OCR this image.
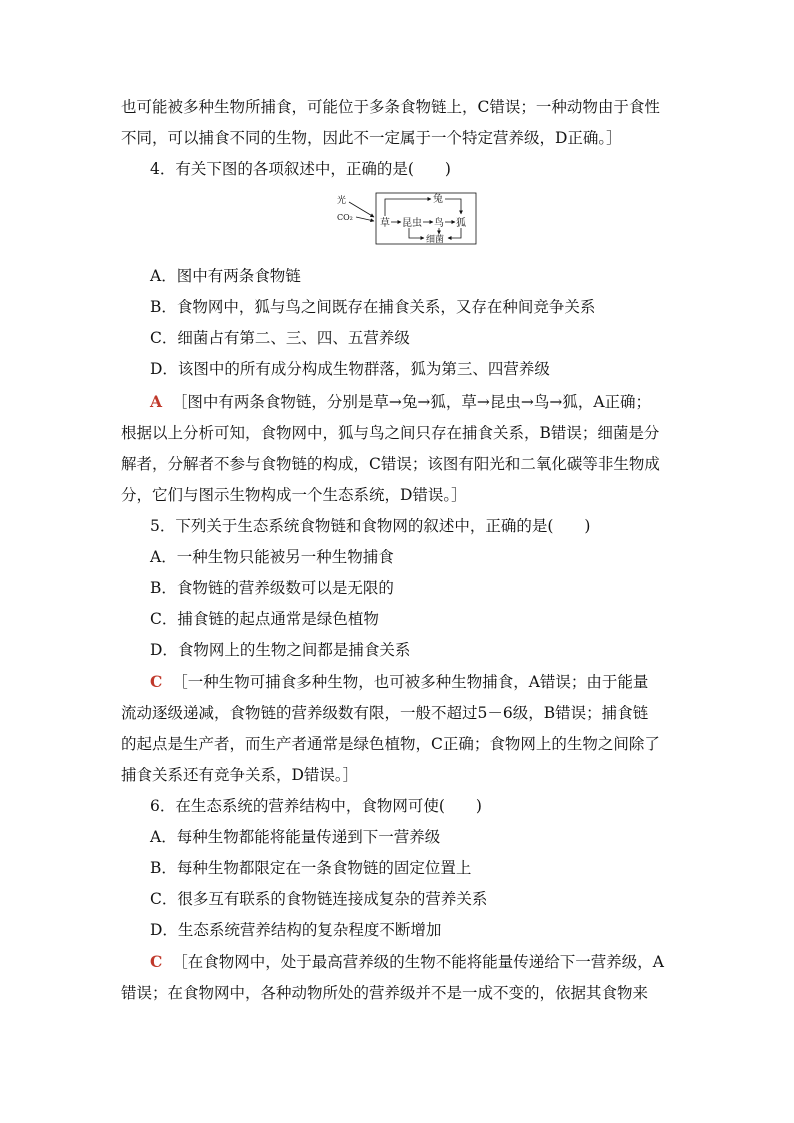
也可能被多种生物所捕食，可能位于多条食物链上，C错误；一种动物由于食性
不同，可以捕食不同的生物，因此不一定属于一个特定营养级，D正确。］
4．有关下图的各项叙述中，正确的是(　　)
光
CO₂
草 昆虫 鸟 狐
兔
细菌
A．图中有两条食物链
B．食物网中，狐与鸟之间既存在捕食关系，又存在种间竞争关系
C．细菌占有第二、三、四、五营养级
D．该图中的所有成分构成生物群落，狐为第三、四营养级
A ［图中有两条食物链，分别是草→兔→狐，草→昆虫→鸟→狐，A正确；
根据以上分析可知，食物网中，狐与鸟之间只存在捕食关系，B错误；细菌是分
解者，分解者不参与食物链的构成，C错误；该图有阳光和二氧化碳等非生物成
分，它们与图示生物构成一个生态系统，D错误。］
5．下列关于生态系统食物链和食物网的叙述中，正确的是(　　)
A．一种生物只能被另一种生物捕食
B．食物链的营养级数可以是无限的
C．捕食链的起点通常是绿色植物
D．食物网上的生物之间都是捕食关系
C ［一种生物可捕食多种生物，也可被多种生物捕食，A错误；由于能量
流动逐级递减，食物链的营养级数有限，一般不超过5－6级，B错误；捕食链
的起点是生产者，而生产者通常是绿色植物，C正确；食物网上的生物之间除了
捕食关系还有竞争关系，D错误。］
6．在生态系统的营养结构中，食物网可使(　　)
A．每种生物都能将能量传递到下一营养级
B．每种生物都限定在一条食物链的固定位置上
C．很多互有联系的食物链连接成复杂的营养关系
D．生态系统营养结构的复杂程度不断增加
C ［在食物网中，处于最高营养级的生物不能将能量传递给下一营养级，A
错误；在食物网中，各种动物所处的营养级并不是一成不变的，依据其食物来
